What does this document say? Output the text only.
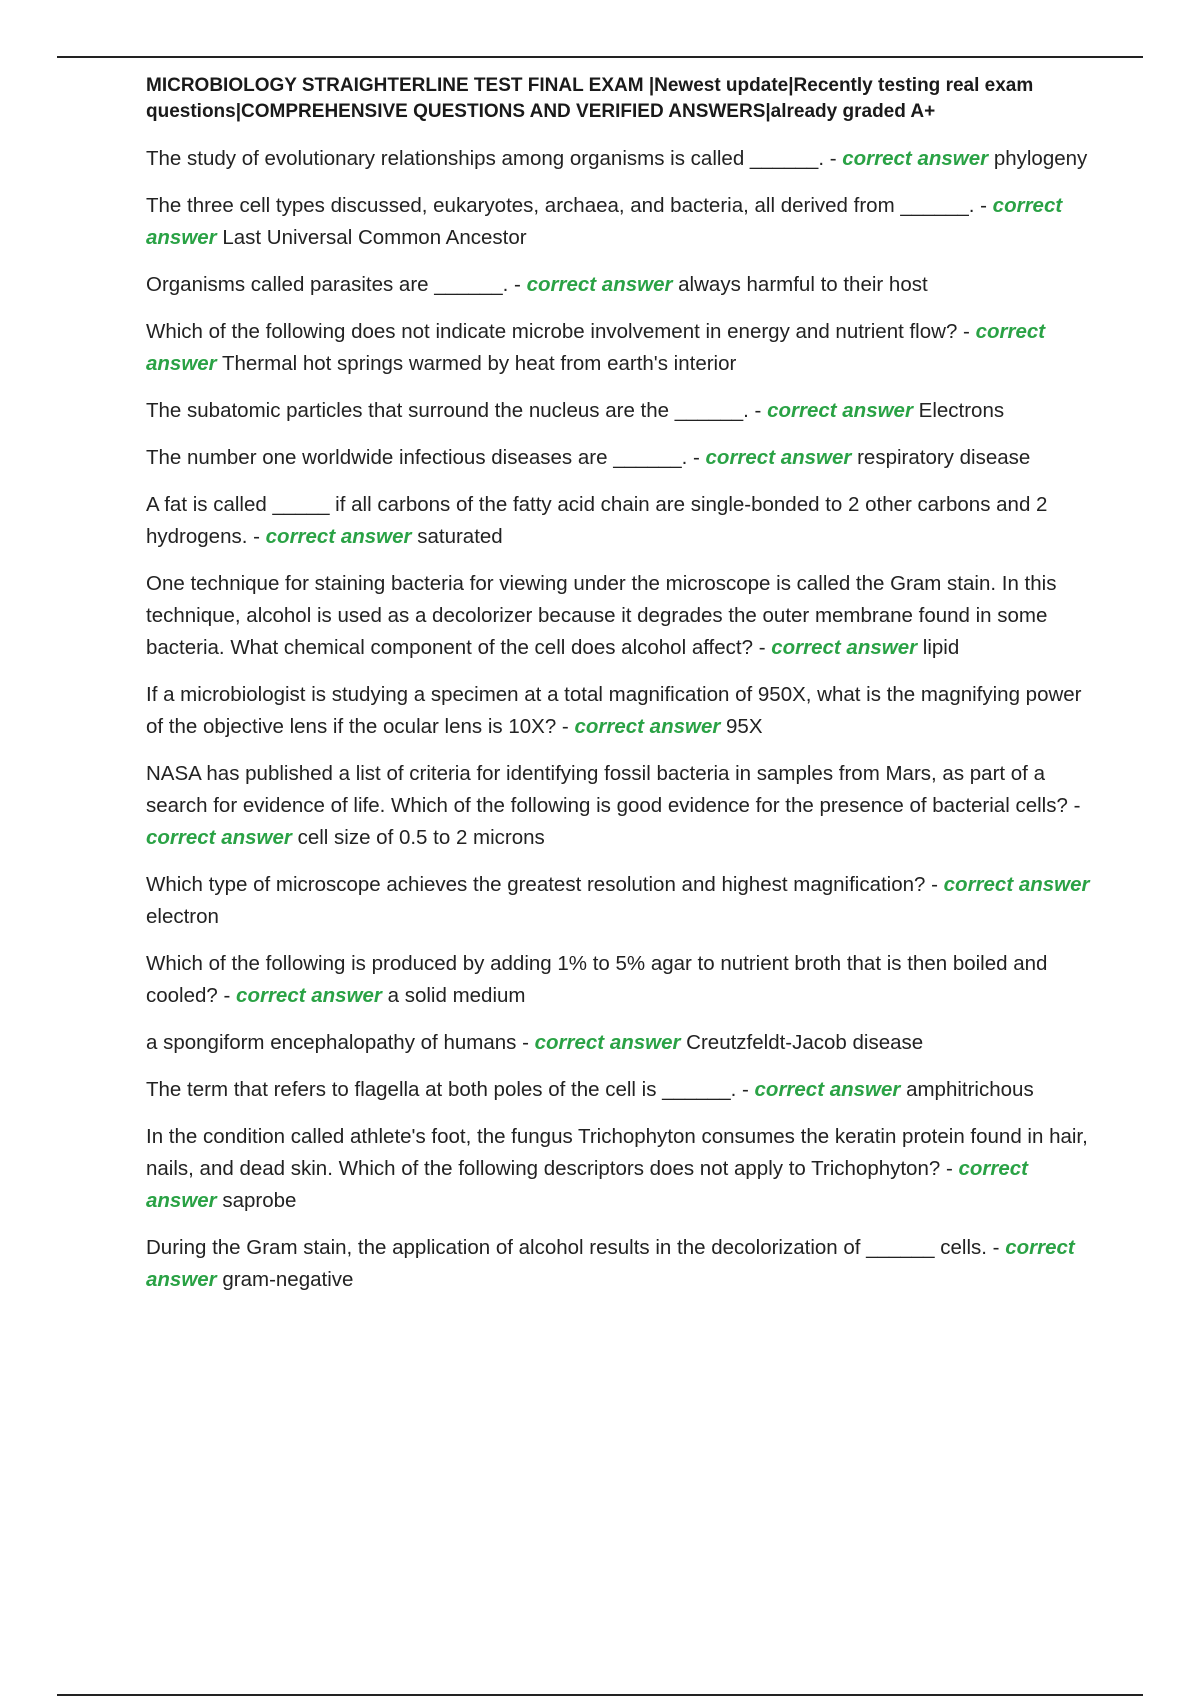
MICROBIOLOGY STRAIGHTERLINE TEST FINAL EXAM |Newest update|Recently testing real exam questions|COMPREHENSIVE QUESTIONS AND VERIFIED ANSWERS|already graded A+
The study of evolutionary relationships among organisms is called ______. - correct answer phylogeny
The three cell types discussed, eukaryotes, archaea, and bacteria, all derived from ______. - correct answer Last Universal Common Ancestor
Organisms called parasites are ______. - correct answer always harmful to their host
Which of the following does not indicate microbe involvement in energy and nutrient flow? - correct answer Thermal hot springs warmed by heat from earth's interior
The subatomic particles that surround the nucleus are the ______. - correct answer Electrons
The number one worldwide infectious diseases are ______. - correct answer respiratory disease
A fat is called _____ if all carbons of the fatty acid chain are single-bonded to 2 other carbons and 2 hydrogens. - correct answer saturated
One technique for staining bacteria for viewing under the microscope is called the Gram stain. In this technique, alcohol is used as a decolorizer because it degrades the outer membrane found in some bacteria. What chemical component of the cell does alcohol affect? - correct answer lipid
If a microbiologist is studying a specimen at a total magnification of 950X, what is the magnifying power of the objective lens if the ocular lens is 10X? - correct answer 95X
NASA has published a list of criteria for identifying fossil bacteria in samples from Mars, as part of a search for evidence of life. Which of the following is good evidence for the presence of bacterial cells? - correct answer cell size of 0.5 to 2 microns
Which type of microscope achieves the greatest resolution and highest magnification? - correct answer electron
Which of the following is produced by adding 1% to 5% agar to nutrient broth that is then boiled and cooled? - correct answer a solid medium
a spongiform encephalopathy of humans - correct answer Creutzfeldt-Jacob disease
The term that refers to flagella at both poles of the cell is ______. - correct answer amphitrichous
In the condition called athlete's foot, the fungus Trichophyton consumes the keratin protein found in hair, nails, and dead skin. Which of the following descriptors does not apply to Trichophyton? - correct answer saprobe
During the Gram stain, the application of alcohol results in the decolorization of ______ cells. - correct answer gram-negative
